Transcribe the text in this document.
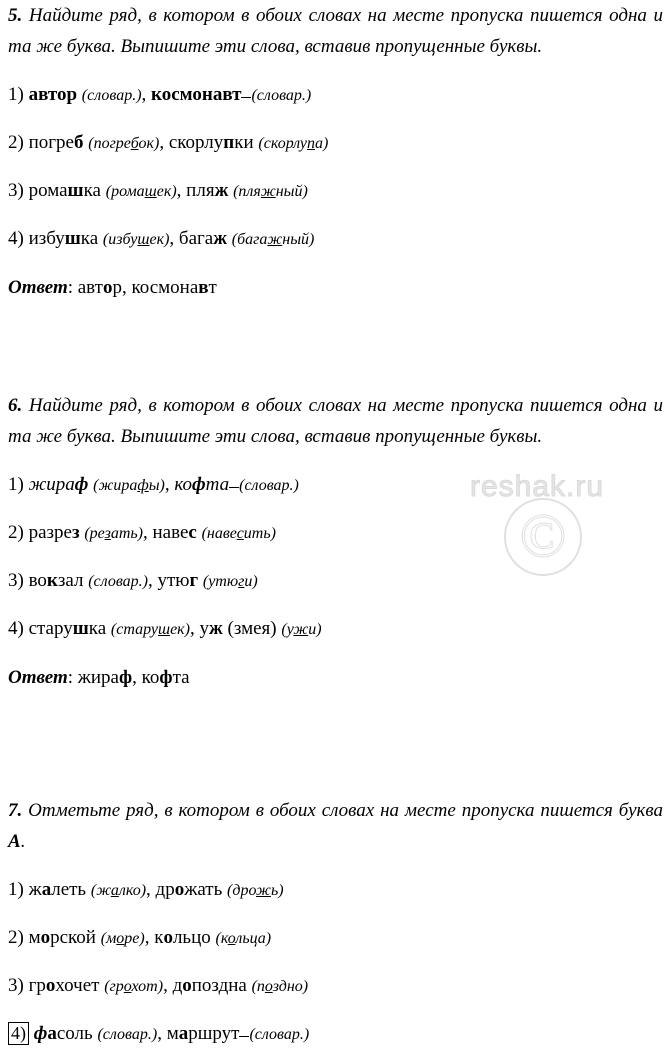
5. Найдите ряд, в котором в обоих словах на месте пропуска пишется одна и та же буква. Выпишите эти слова, вставив пропущенные буквы.

1) автор (словар.), космонавт (словар.)

2) погреб (погребок), скорлупки (скорлупа)

3) ромашка (ромашек), пляж (пляжный)

4) избушка (избушек), багаж (багажный)

Ответ: автор, космонавт

6. Найдите ряд, в котором в обоих словах на месте пропуска пишется одна и та же буква. Выпишите эти слова, вставив пропущенные буквы.

1) жираф (жирафы), кофта (словар.)

2) разрез (резать), навес (навесить)

3) вокзал (словар.), утюг (утюги)

4) старушка (старушек), уж (змея) (ужи)

Ответ: жираф, кофта

7. Отметьте ряд, в котором в обоих словах на месте пропуска пишется буква А.

1) жалеть (жалко), дрожать (дрожь)

2) морской (море), кольцо (кольца)

3) грохочет (грохот), допоздна (поздно)

4) фасоль (словар.), маршрут (словар.)

reshak.ru
©
